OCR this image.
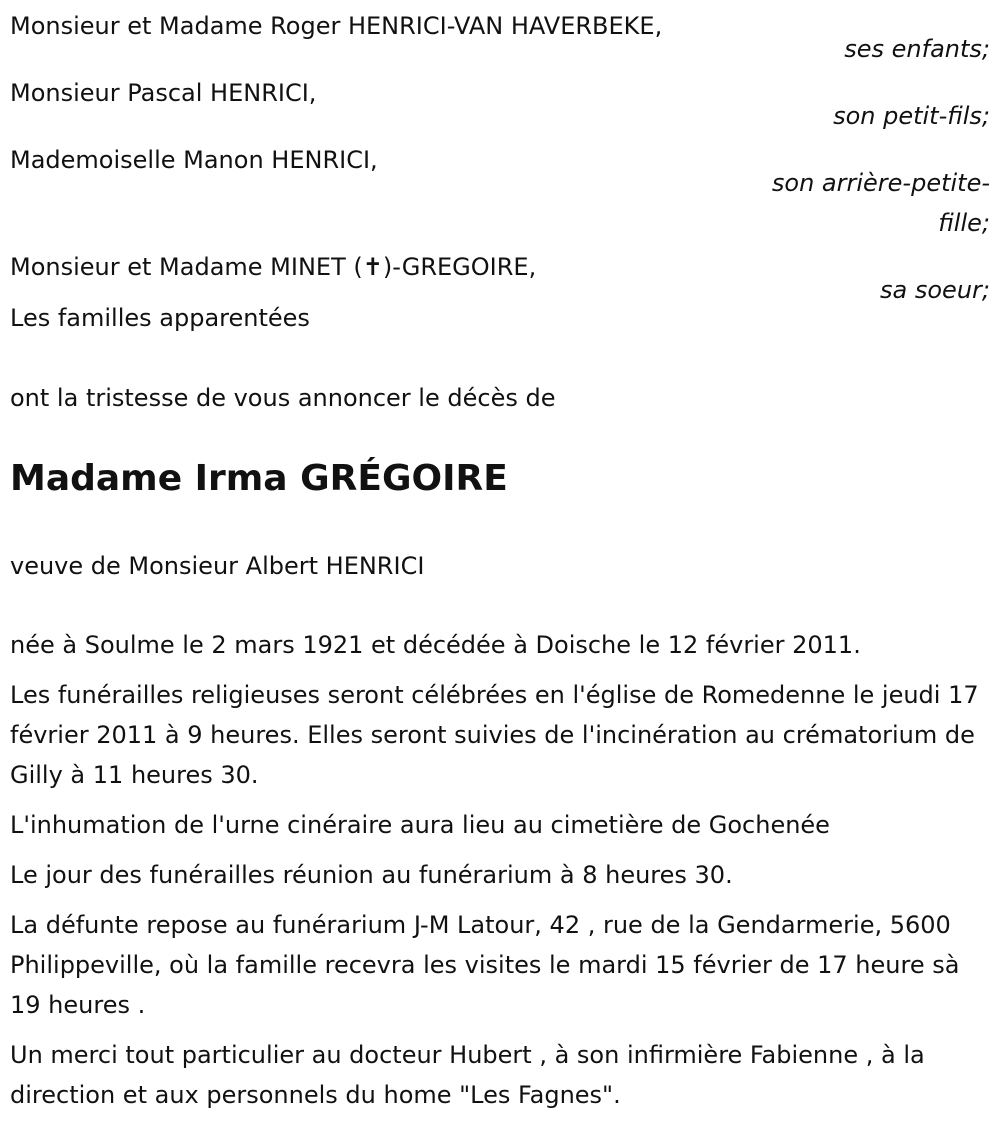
Monsieur et Madame Roger HENRICI-VAN HAVERBEKE,
ses enfants;
Monsieur Pascal HENRICI,
son petit-fils;
Mademoiselle Manon HENRICI,
son arrière-petite-fille;
Monsieur et Madame MINET (✝)-GREGOIRE,
sa soeur;
Les familles apparentées
ont la tristesse de vous annoncer le décès de
Madame Irma GRÉGOIRE
veuve de Monsieur Albert HENRICI

née à Soulme le 2 mars 1921 et décédée à Doische le 12 février 2011.

Les funérailles religieuses seront célébrées en l'église de Romedenne le jeudi 17 février 2011 à 9 heures. Elles seront suivies de l'incinération au crématorium de Gilly à 11 heures 30.

L'inhumation de l'urne cinéraire aura lieu au cimetière de Gochenée

Le jour des funérailles réunion au funérarium à 8 heures 30.

La défunte repose au funérarium J-M Latour, 42 , rue de la Gendarmerie, 5600 Philippeville, où la famille recevra les visites le mardi 15 février de 17 heure sà 19 heures .

Un merci tout particulier au docteur Hubert , à son infirmière Fabienne , à la direction et aux personnels du home "Les Fagnes".
